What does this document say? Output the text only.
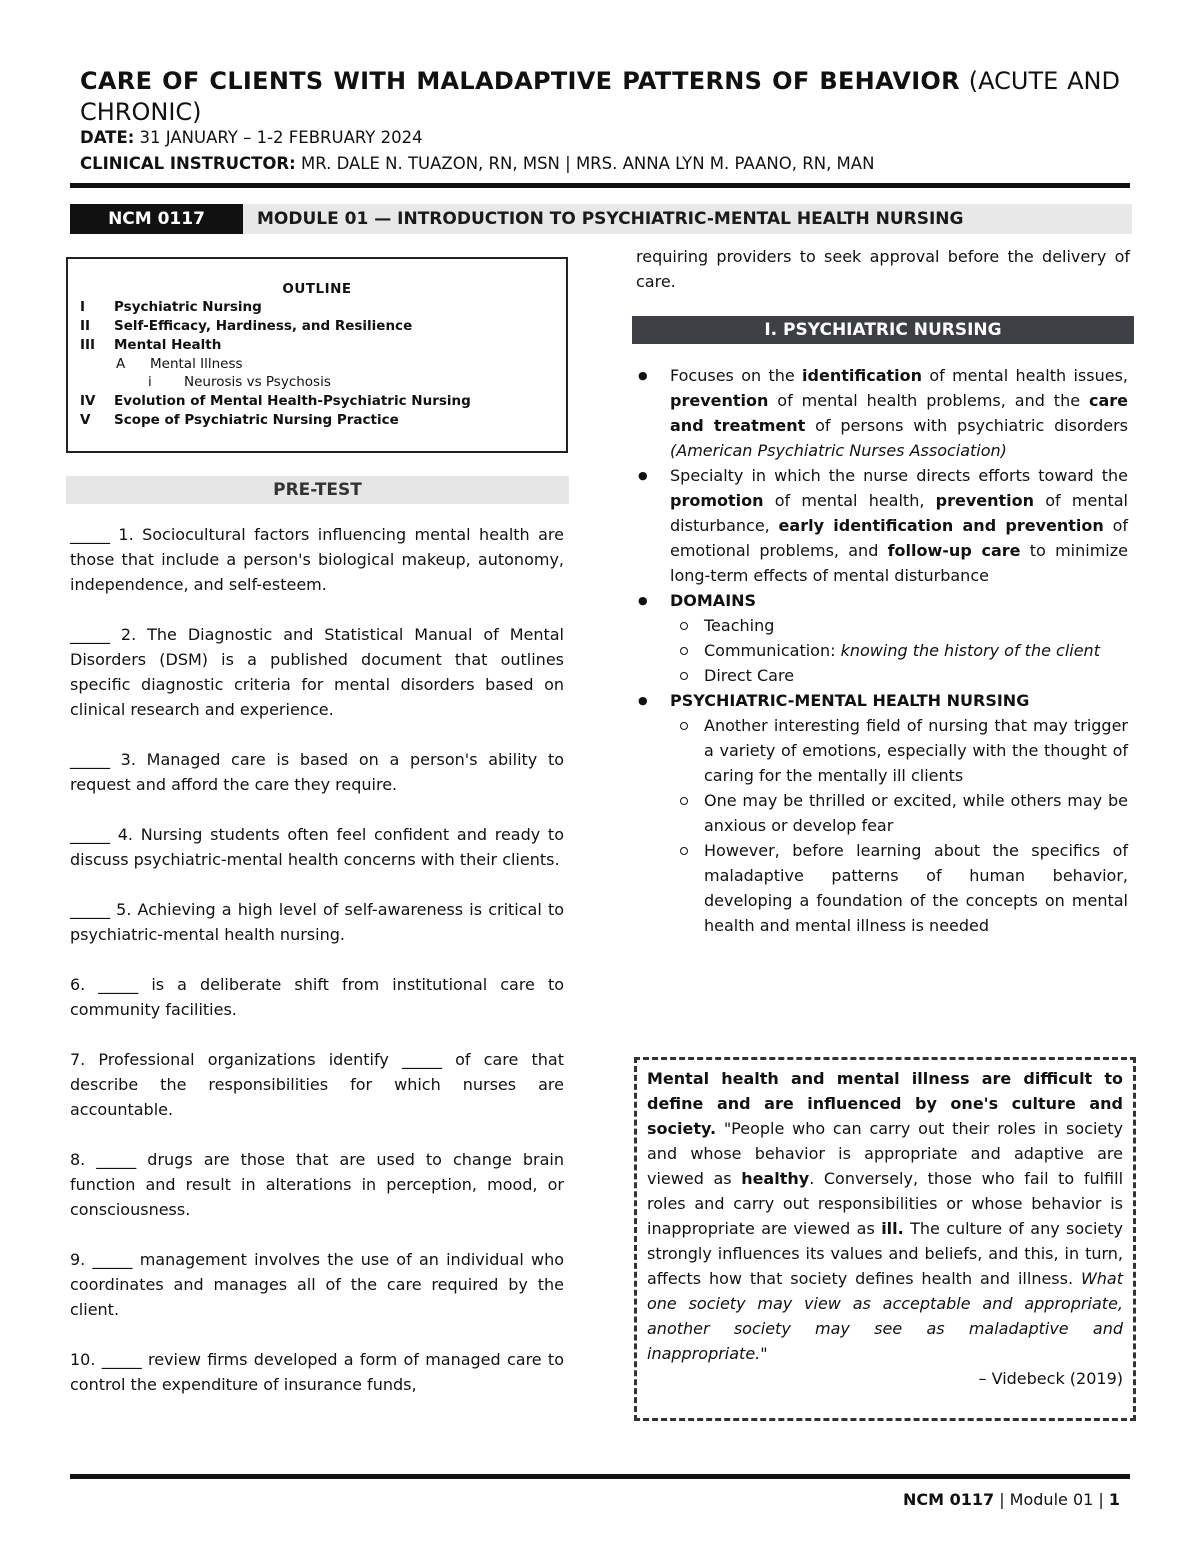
CARE OF CLIENTS WITH MALADAPTIVE PATTERNS OF BEHAVIOR (ACUTE AND CHRONIC)
DATE: 31 JANUARY – 1-2 FEBRUARY 2024
CLINICAL INSTRUCTOR: MR. DALE N. TUAZON, RN, MSN | MRS. ANNA LYN M. PAANO, RN, MAN
NCM 0117	MODULE 01 — INTRODUCTION TO PSYCHIATRIC-MENTAL HEALTH NURSING
OUTLINE
I Psychiatric Nursing
II Self-Efficacy, Hardiness, and Resilience
III Mental Health
A Mental Illness
i Neurosis vs Psychosis
IV Evolution of Mental Health-Psychiatric Nursing
V Scope of Psychiatric Nursing Practice
PRE-TEST

_____ 1. Sociocultural factors influencing mental health are those that include a person's biological makeup, autonomy, independence, and self-esteem.

_____ 2. The Diagnostic and Statistical Manual of Mental Disorders (DSM) is a published document that outlines specific diagnostic criteria for mental disorders based on clinical research and experience.

_____ 3. Managed care is based on a person's ability to request and afford the care they require.

_____ 4. Nursing students often feel confident and ready to discuss psychiatric-mental health concerns with their clients.

_____ 5. Achieving a high level of self-awareness is critical to psychiatric-mental health nursing.

6. _____ is a deliberate shift from institutional care to community facilities.

7. Professional organizations identify _____ of care that describe the responsibilities for which nurses are accountable.

8. _____ drugs are those that are used to change brain function and result in alterations in perception, mood, or consciousness.

9. _____ management involves the use of an individual who coordinates and manages all of the care required by the client.

10. _____ review firms developed a form of managed care to control the expenditure of insurance funds,

requiring providers to seek approval before the delivery of care.
I. PSYCHIATRIC NURSING
● Focuses on the identification of mental health issues, prevention of mental health problems, and the care and treatment of persons with psychiatric disorders (American Psychiatric Nurses Association)
● Specialty in which the nurse directs efforts toward the promotion of mental health, prevention of mental disturbance, early identification and prevention of emotional problems, and follow-up care to minimize long-term effects of mental disturbance
● DOMAINS
Teaching
Communication: knowing the history of the client
Direct Care
● PSYCHIATRIC-MENTAL HEALTH NURSING
Another interesting field of nursing that may trigger a variety of emotions, especially with the thought of caring for the mentally ill clients
One may be thrilled or excited, while others may be anxious or develop fear
However, before learning about the specifics of maladaptive patterns of human behavior, developing a foundation of the concepts on mental health and mental illness is needed
Mental health and mental illness are difficult to define and are influenced by one's culture and society. "People who can carry out their roles in society and whose behavior is appropriate and adaptive are viewed as healthy. Conversely, those who fail to fulfill roles and carry out responsibilities or whose behavior is inappropriate are viewed as ill. The culture of any society strongly influences its values and beliefs, and this, in turn, affects how that society defines health and illness. What one society may view as acceptable and appropriate, another society may see as maladaptive and inappropriate."
– Videbeck (2019)
NCM 0117 | Module 01 | 1
